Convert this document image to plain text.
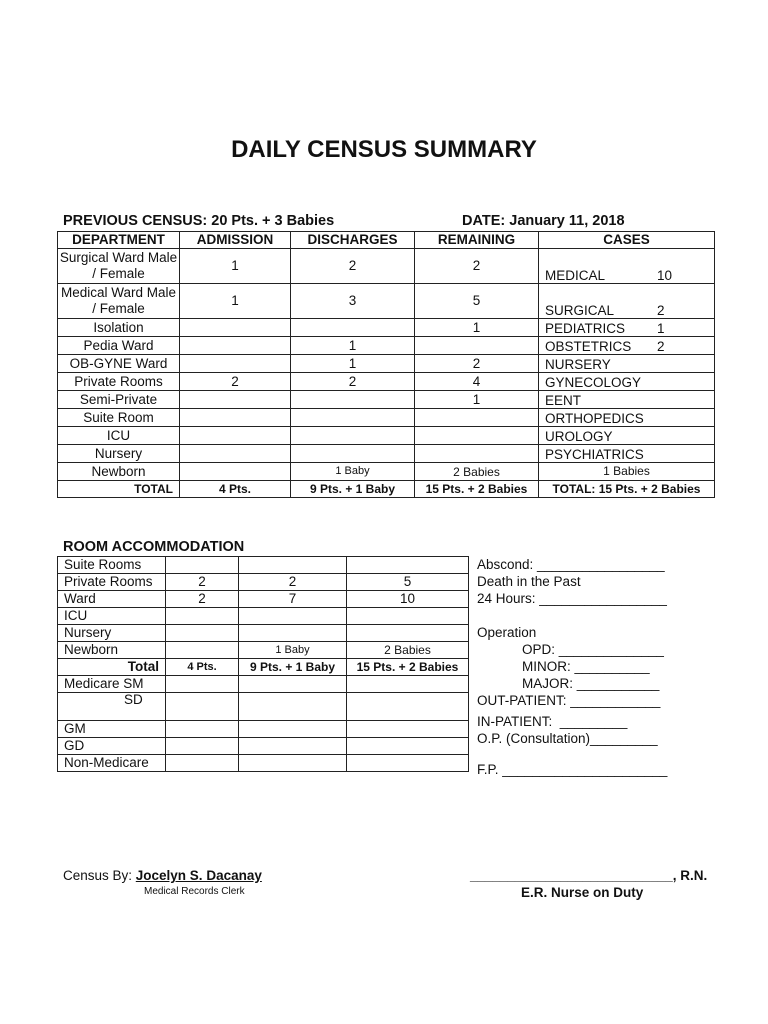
DAILY CENSUS SUMMARY
PREVIOUS CENSUS: 20 Pts. + 3 Babies	DATE: January 11, 2018
DEPARTMENT	ADMISSION	DISCHARGES	REMAINING	CASES
Surgical Ward Male / Female	1	2	2	MEDICAL 10
Medical Ward Male / Female	1	3	5	SURGICAL 2
Isolation			1	PEDIATRICS 1
Pedia Ward		1		OBSTETRICS 2
OB-GYNE Ward		1	2	NURSERY
Private Rooms	2	2	4	GYNECOLOGY
Semi-Private			1	EENT
Suite Room				ORTHOPEDICS
ICU				UROLOGY
Nursery				PSYCHIATRICS
Newborn		1 Baby	2 Babies	1 Babies
TOTAL	4 Pts.	9 Pts. + 1 Baby	15 Pts. + 2 Babies	TOTAL: 15 Pts. + 2 Babies
ROOM ACCOMMODATION
Suite Rooms			
Private Rooms	2	2	5
Ward	2	7	10
ICU			
Nursery			
Newborn		1 Baby	2 Babies
Total	4 Pts.	9 Pts. + 1 Baby	15 Pts. + 2 Babies
Medicare SM			
SD			
GM			
GD			
Non-Medicare			
Abscond: _________________
Death in the Past
24 Hours: _________________
Operation
OPD: ______________
MINOR: __________
MAJOR: ___________
OUT-PATIENT: ____________
IN-PATIENT:  _________
O.P. (Consultation)_________
F.P. ______________________
Census By: Jocelyn S. Dacanay
Medical Records Clerk
___________________________, R.N.
E.R. Nurse on Duty
